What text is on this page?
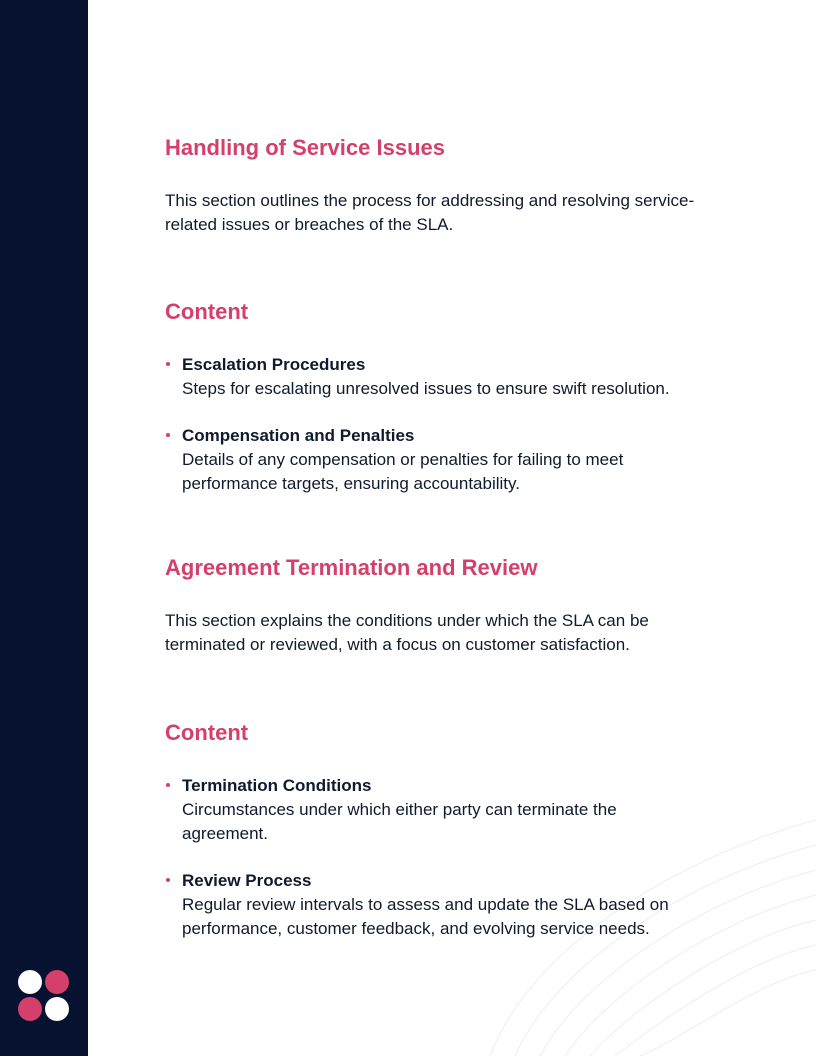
Handling of Service Issues

This section outlines the process for addressing and resolving service-related issues or breaches of the SLA.

Content
Escalation Procedures
Steps for escalating unresolved issues to ensure swift resolution.
Compensation and Penalties
Details of any compensation or penalties for failing to meet performance targets, ensuring accountability.
Agreement Termination and Review

This section explains the conditions under which the SLA can be terminated or reviewed, with a focus on customer satisfaction.

Content
Termination Conditions
Circumstances under which either party can terminate the agreement.
Review Process
Regular review intervals to assess and update the SLA based on performance, customer feedback, and evolving service needs.
